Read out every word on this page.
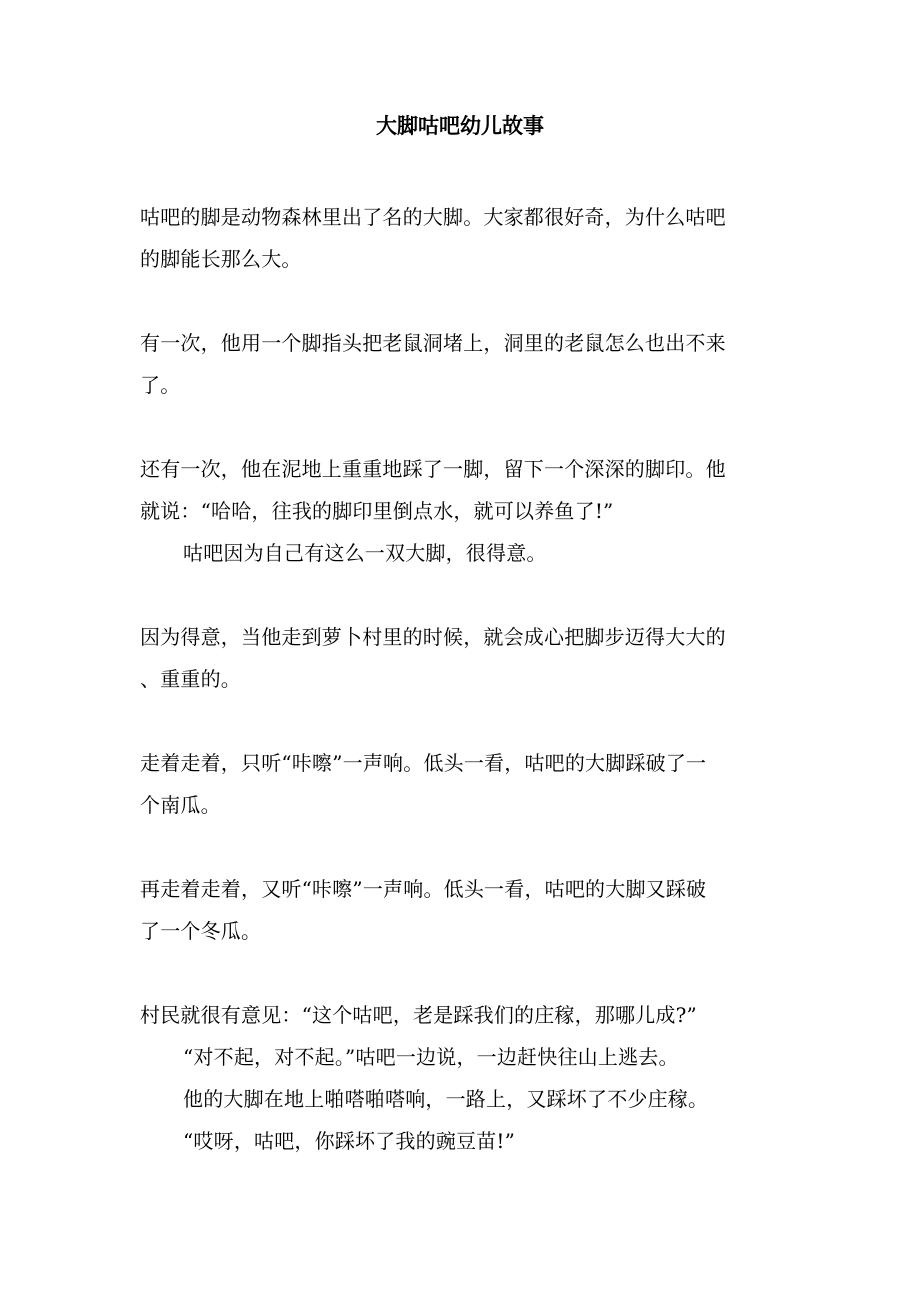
大脚咕吧幼儿故事
咕吧的脚是动物森林里出了名的大脚。大家都很好奇，为什么咕吧
的脚能长那么大。
有一次，他用一个脚指头把老鼠洞堵上，洞里的老鼠怎么也出不来
了。
还有一次，他在泥地上重重地踩了一脚，留下一个深深的脚印。他
就说：“哈哈，往我的脚印里倒点水，就可以养鱼了!”
咕吧因为自己有这么一双大脚，很得意。
因为得意，当他走到萝卜村里的时候，就会成心把脚步迈得大大的
、重重的。
走着走着，只听“咔嚓”一声响。低头一看，咕吧的大脚踩破了一
个南瓜。
再走着走着，又听“咔嚓”一声响。低头一看，咕吧的大脚又踩破
了一个冬瓜。
村民就很有意见：“这个咕吧，老是踩我们的庄稼，那哪儿成?”
“对不起，对不起。”咕吧一边说，一边赶快往山上逃去。
他的大脚在地上啪嗒啪嗒响，一路上，又踩坏了不少庄稼。
“哎呀，咕吧，你踩坏了我的豌豆苗!”
